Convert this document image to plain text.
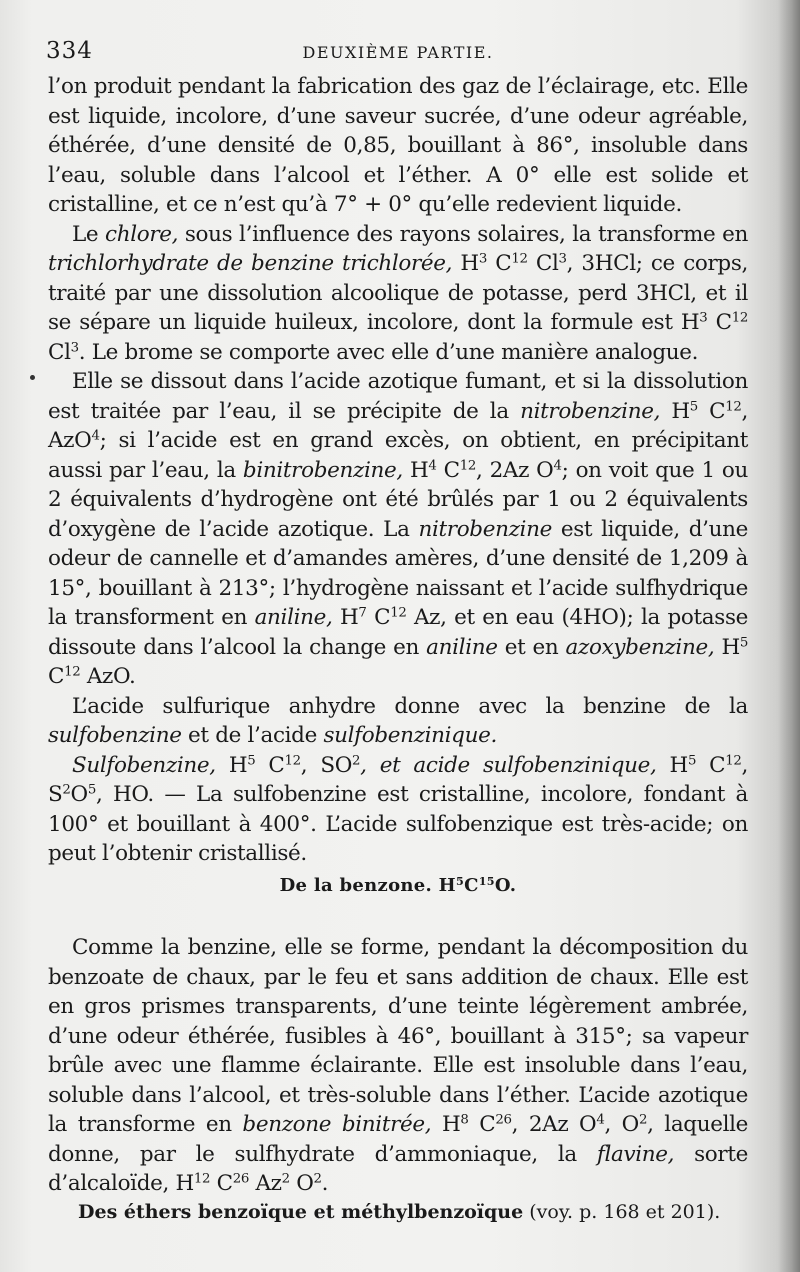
334	DEUXIÈME PARTIE.

l’on produit pendant la fabrication des gaz de l’éclairage, etc. Elle est liquide, incolore, d’une saveur sucrée, d’une odeur agréable, éthérée, d’une densité de 0,85, bouillant à 86°, insoluble dans l’eau, soluble dans l’alcool et l’éther. A 0° elle est solide et cristalline, et ce n’est qu’à 7° + 0° qu’elle redevient liquide.

Le chlore, sous l’influence des rayons solaires, la transforme en trichlorhydrate de benzine trichlorée, $H^3$ $C^{12}$ Cl$^3$, 3HCl; ce corps, traité par une dissolution alcoolique de potasse, perd 3HCl, et il se sépare un liquide huileux, incolore, dont la formule est $H^3$ $C^{12}$ Cl$^3$. Le brome se comporte avec elle d’une manière analogue.

Elle se dissout dans l’acide azotique fumant, et si la dissolution est traitée par l’eau, il se précipite de la nitrobenzine, $H^5$ $C^{12}$, AzO$^4$; si l’acide est en grand excès, on obtient, en précipitant aussi par l’eau, la binitrobenzine, $H^4$ $C^{12}$, 2Az $O^4$; on voit que 1 ou 2 équivalents d’hydrogène ont été brûlés par 1 ou 2 équivalents d’oxygène de l’acide azotique. La nitrobenzine est liquide, d’une odeur de cannelle et d’amandes amères, d’une densité de 1,209 à 15°, bouillant à 213°; l’hydrogène naissant et l’acide sulfhydrique la transforment en aniline, $H^7$ $C^{12}$ Az, et en eau (4HO); la potasse dissoute dans l’alcool la change en aniline et en azoxybenzine, $H^5$ $C^{12}$ AzO.

L’acide sulfurique anhydre donne avec la benzine de la sulfobenzine et de l’acide sulfobenzinique.

Sulfobenzine, $H^5$ $C^{12}$, $SO^2$, et acide sulfobenzinique, $H^5$ $C^{12}$, $S^2O^5$, HO. — La sulfobenzine est cristalline, incolore, fondant à 100° et bouillant à 400°. L’acide sulfobenzique est très-acide; on peut l’obtenir cristallisé.

De la benzone. $H^5C^{15}O$.

Comme la benzine, elle se forme, pendant la décomposition du benzoate de chaux, par le feu et sans addition de chaux. Elle est en gros prismes transparents, d’une teinte légèrement ambrée, d’une odeur éthérée, fusibles à 46°, bouillant à 315°; sa vapeur brûle avec une flamme éclairante. Elle est insoluble dans l’eau, soluble dans l’alcool, et très-soluble dans l’éther. L’acide azotique la transforme en benzone binitrée, $H^8$ $C^{26}$, 2Az $O^4$, $O^2$, laquelle donne, par le sulfhydrate d’ammoniaque, la flavine, sorte d’alcaloïde, $H^{12}$ $C^{26}$ Az$^2$ $O^2$.

Des éthers benzoïque et méthylbenzoïque (voy. p. 168 et 201).
